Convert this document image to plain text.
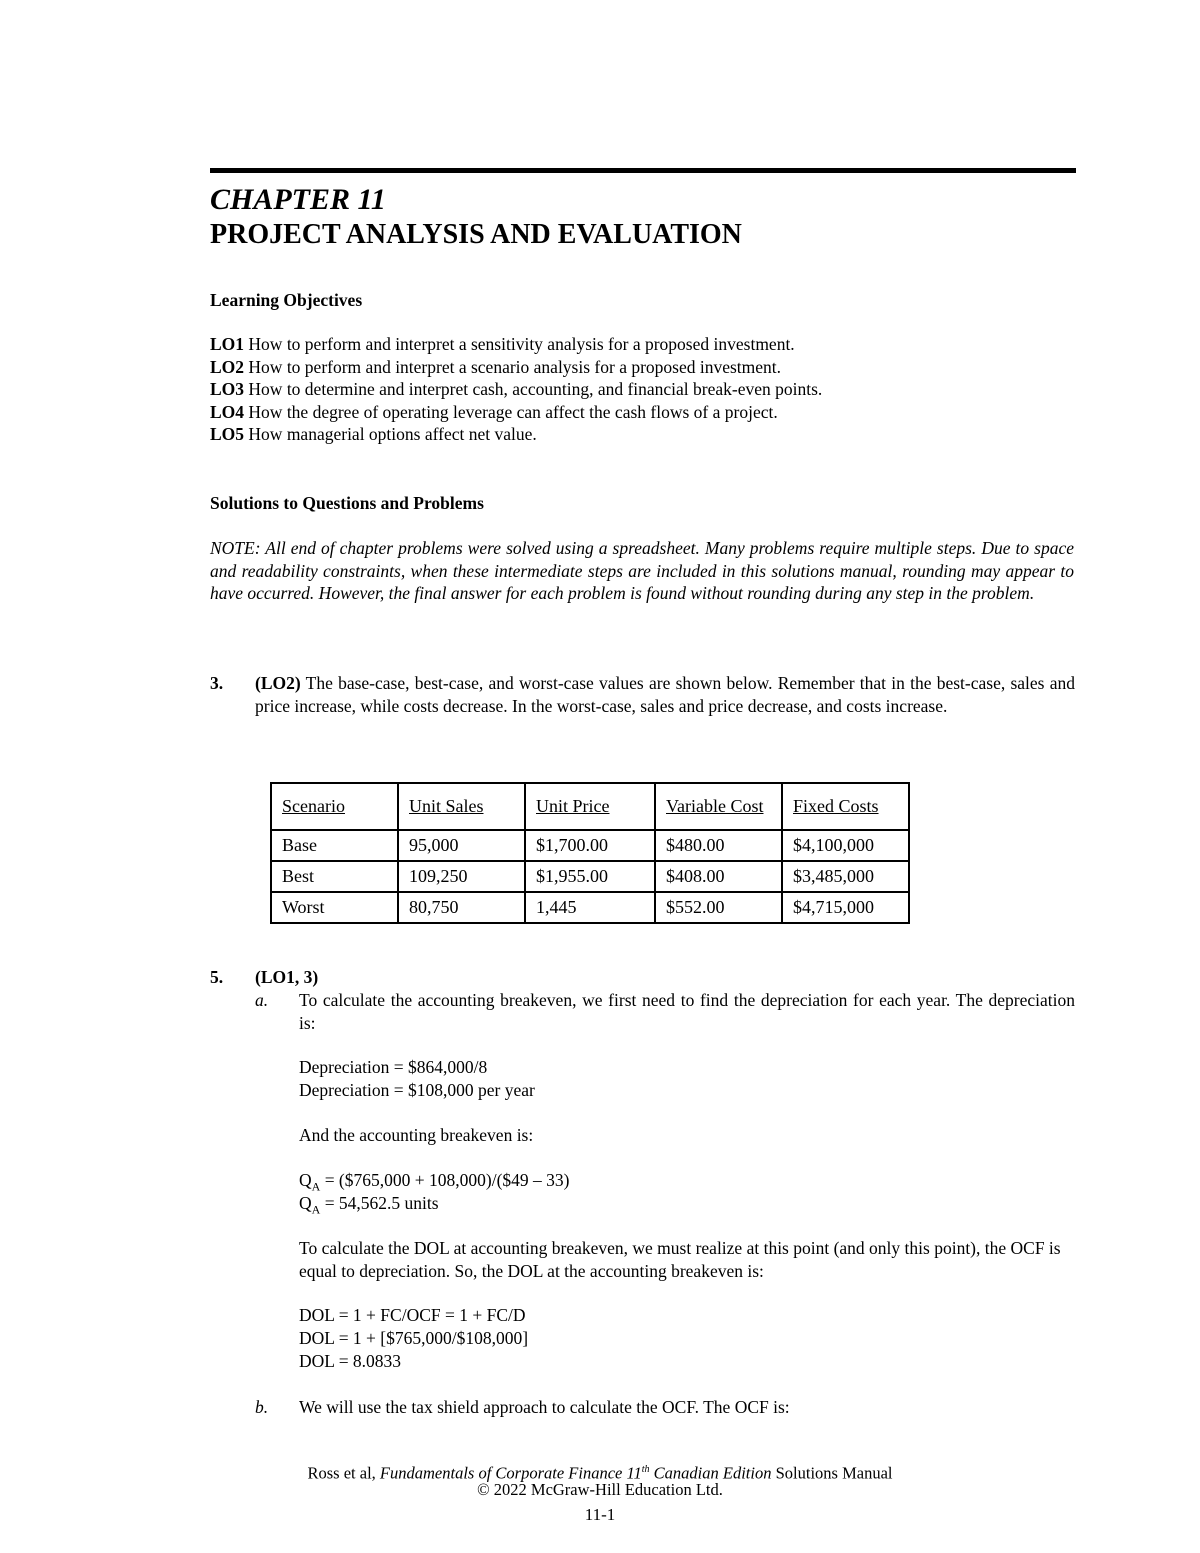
CHAPTER 11
PROJECT ANALYSIS AND EVALUATION
Learning Objectives
LO1 How to perform and interpret a sensitivity analysis for a proposed investment.
LO2 How to perform and interpret a scenario analysis for a proposed investment.
LO3 How to determine and interpret cash, accounting, and financial break-even points.
LO4 How the degree of operating leverage can affect the cash flows of a project.
LO5 How managerial options affect net value.
Solutions to Questions and Problems
NOTE: All end of chapter problems were solved using a spreadsheet. Many problems require multiple steps. Due to space and readability constraints, when these intermediate steps are included in this solutions manual, rounding may appear to have occurred. However, the final answer for each problem is found without rounding during any step in the problem.
3. (LO2) The base-case, best-case, and worst-case values are shown below. Remember that in the best-case, sales and price increase, while costs decrease. In the worst-case, sales and price decrease, and costs increase.
Scenario	Unit Sales	Unit Price	Variable Cost	Fixed Costs
Base	95,000	$1,700.00	$480.00	$4,100,000
Best	109,250	$1,955.00	$408.00	$3,485,000
Worst	80,750	1,445	$552.00	$4,715,000
5. (LO1, 3)
a. To calculate the accounting breakeven, we first need to find the depreciation for each year. The depreciation is:
Depreciation = $864,000/8
Depreciation = $108,000 per year
And the accounting breakeven is:
$Q_A$ = ($765,000 + 108,000)/($49 – 33)
$Q_A = 54,562.5$ units
To calculate the DOL at accounting breakeven, we must realize at this point (and only this point), the OCF is equal to depreciation. So, the DOL at the accounting breakeven is:
DOL = 1 + FC/OCF = 1 + FC/D
DOL = 1 + [$765,000/$108,000]
DOL = 8.0833
b. We will use the tax shield approach to calculate the OCF. The OCF is:
Ross et al, Fundamentals of Corporate Finance 11th Canadian Edition Solutions Manual
© 2022 McGraw-Hill Education Ltd.
11-1
